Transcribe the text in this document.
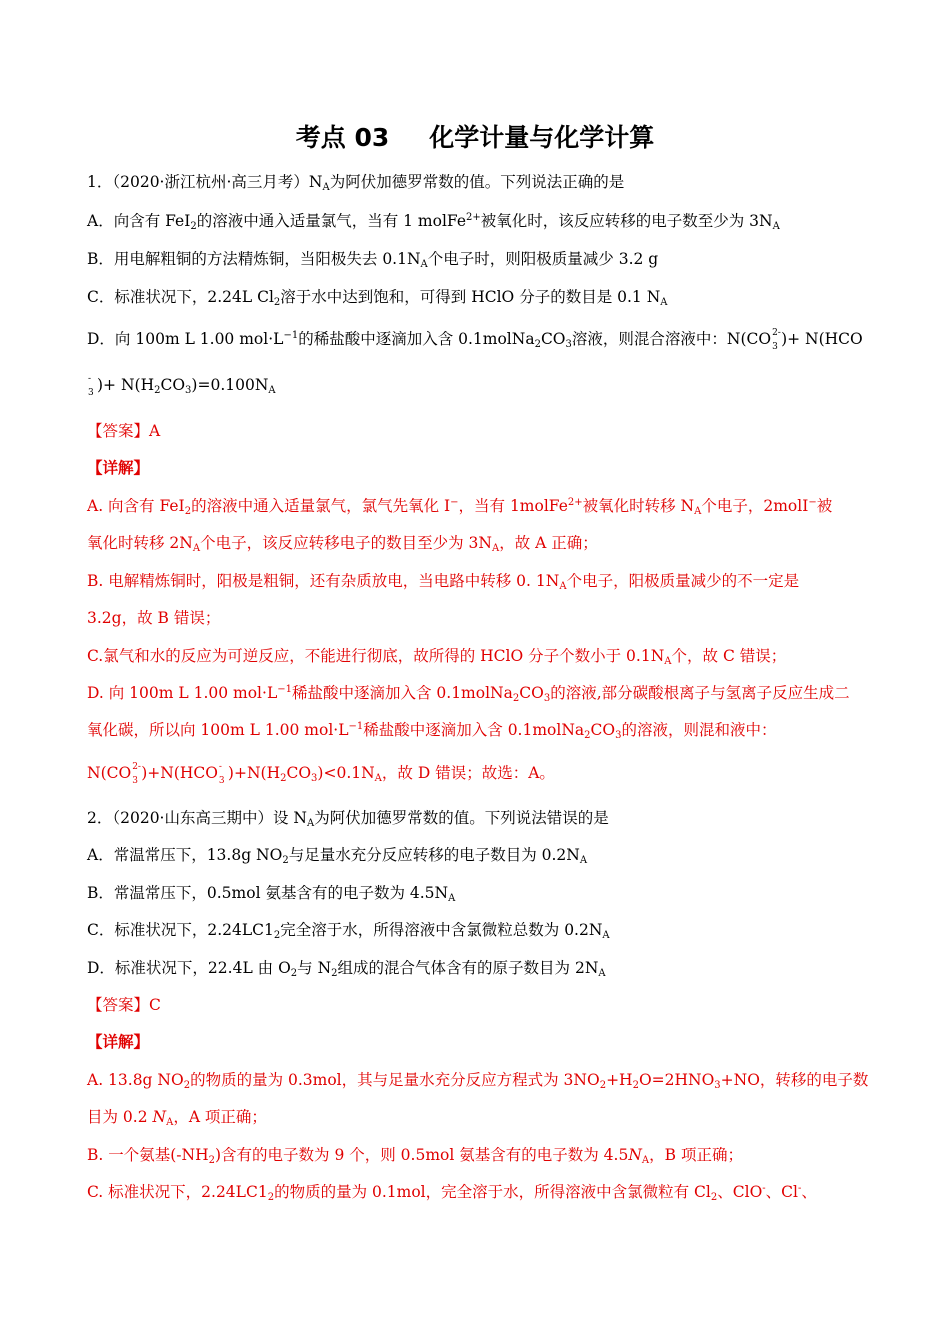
考点 03 化学计量与化学计算
1．（2020·浙江杭州·高三月考）$N_A$为阿伏加德罗常数的值。下列说法正确的是
A．向含有 FeI$_2$的溶液中通入适量氯气，当有 1 molFe$^{2+}$被氧化时，该反应转移的电子数至少为 $3N_A$
B．用电解粗铜的方法精炼铜，当阳极失去 $0.1N_A$个电子时，则阳极质量减少 3.2 g
C．标准状况下，2.24L $Cl_2$溶于水中达到饱和，可得到 HClO 分子的数目是 0.1 $N_A$
D．向 100m L 1.00 $mol\cdot L^{-1}$的稀盐酸中逐滴加入含 $0.1molNa_2CO_3$溶液，则混合溶液中：N(CO 2-
3 )+ N(HCO
-
3 )+ $N(H_2CO_3)=0.100N_A$
【答案】A
【详解】
A. 向含有 FeI$_2$的溶液中通入适量氯气，氯气先氧化 I−，当有 1molFe$^{2+}$被氧化时转移 $N_A$个电子，2molI−被
氧化时转移 $2N_A$个电子，该反应转移电子的数目至少为 $3N_A$，故 A 正确；
B. 电解精炼铜时，阳极是粗铜，还有杂质放电，当电路中转移 0. $1N_A$个电子，阳极质量减少的不一定是
3.2g，故 B 错误；
C.氯气和水的反应为可逆反应，不能进行彻底，故所得的 HClO 分子个数小于 $0.1N_A$个，故 C 错误；
D. 向 100m L 1.00 $mol\cdot L^{-1}$稀盐酸中逐滴加入含 $0.1molNa_2CO_3$的溶液,部分碳酸根离子与氢离子反应生成二
氧化碳，所以向 100m L 1.00 $mol\cdot L^{-1}$稀盐酸中逐滴加入含 $0.1molNa_2CO_3$的溶液，则混和液中：
N(CO 2-
3 )+N(HCO -
3 )$+N(H_2CO_3)<0.1N_A$，故 D 错误；故选：A。
2．（2020·山东高三期中）设 $N_A$为阿伏加德罗常数的值。下列说法错误的是
A．常温常压下，13.8g $NO_2$与足量水充分反应转移的电子数目为 $0.2N_A$
B．常温常压下，0.5mol 氨基含有的电子数为 $4.5N_A$
C．标准状况下，$2.24LC1_2$完全溶于水，所得溶液中含氯微粒总数为 $0.2N_A$
D．标准状况下，22.4L 由 $O_2$与 $N_2$组成的混合气体含有的原子数目为 $2N_A$
【答案】C
【详解】
A. 13.8g $NO_2$的物质的量为 0.3mol，其与足量水充分反应方程式为 $3NO_2+H_2O=2HNO_3+NO$，转移的电子数
目为 0.2 $N_A$，A 项正确；
B. 一个氨基$(-NH_2)$含有的电子数为 9 个，则 0.5mol 氨基含有的电子数为 $4.5N_A$，B 项正确；
C. 标准状况下，$2.24LC1_2$的物质的量为 0.1mol，完全溶于水，所得溶液中含氯微粒有 $Cl_2$、ClO-、Cl-、
